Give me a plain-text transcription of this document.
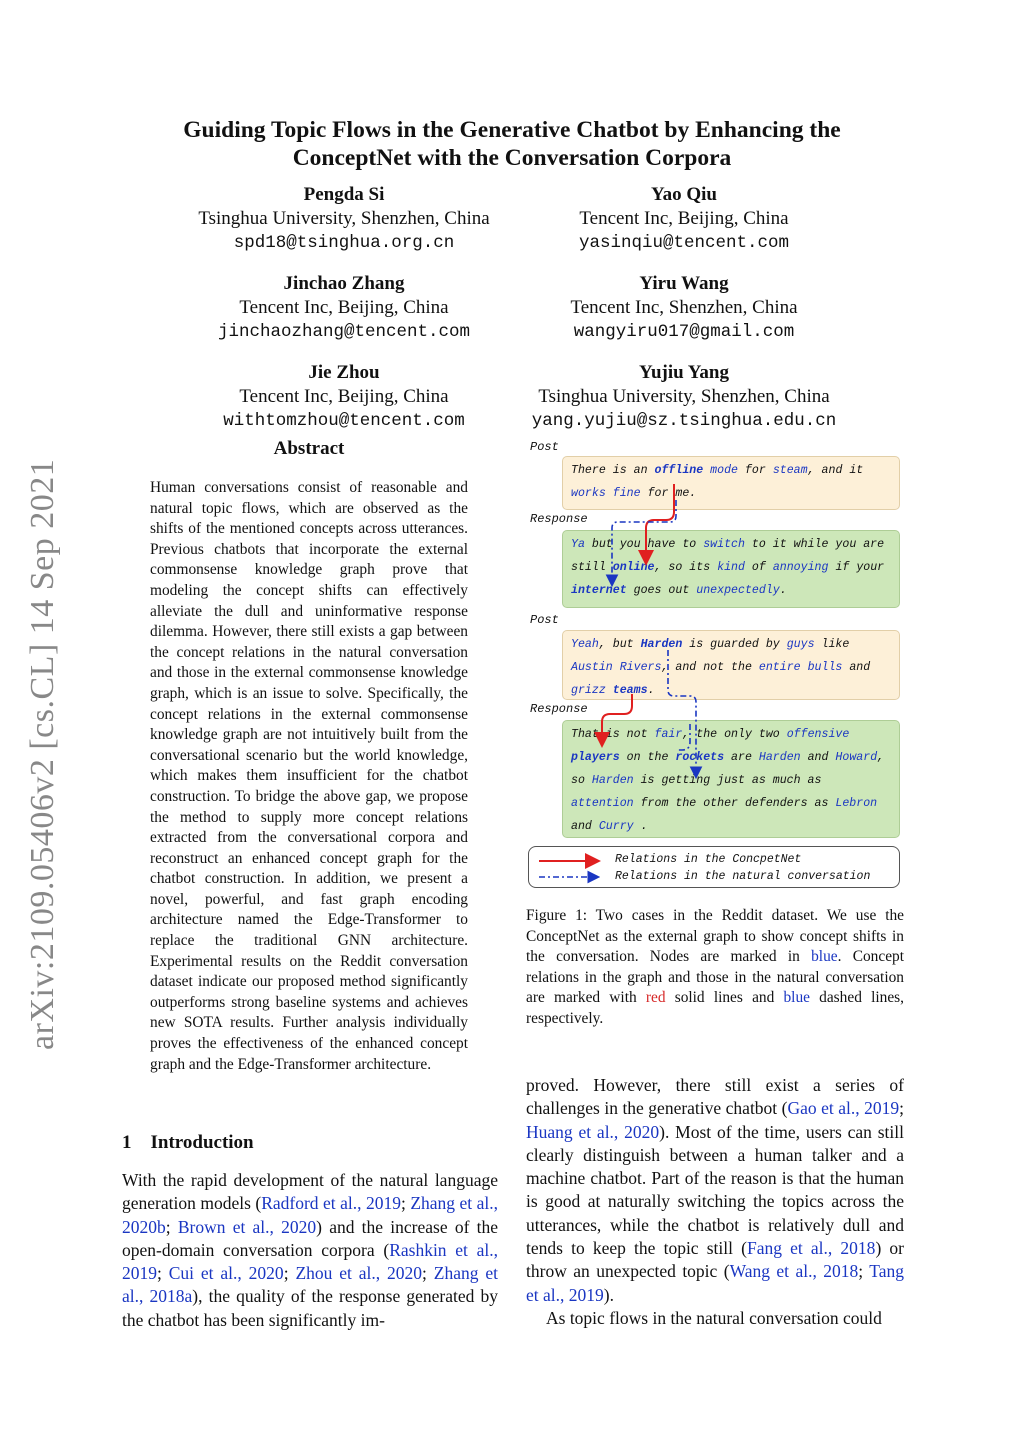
arXiv:2109.05406v2 [cs.CL] 14 Sep 2021
Guiding Topic Flows in the Generative Chatbot by Enhancing the
ConceptNet with the Conversation Corpora
Pengda Si
Tsinghua University, Shenzhen, China
spd18@tsinghua.org.cn
Yao Qiu
Tencent Inc, Beijing, China
yasinqiu@tencent.com
Jinchao Zhang
Tencent Inc, Beijing, China
jinchaozhang@tencent.com
Yiru Wang
Tencent Inc, Shenzhen, China
wangyiru017@gmail.com
Jie Zhou
Tencent Inc, Beijing, China
withtomzhou@tencent.com
Yujiu Yang
Tsinghua University, Shenzhen, China
yang.yujiu@sz.tsinghua.edu.cn
Abstract
Human conversations consist of reasonable and natural topic flows, which are observed as the shifts of the mentioned concepts across utterances. Previous chatbots that incorporate the external commonsense knowledge graph prove that modeling the concept shifts can effectively alleviate the dull and uninformative response dilemma. However, there still exists a gap between the concept relations in the natural conversation and those in the external commonsense knowledge graph, which is an issue to solve. Specifically, the concept relations in the external commonsense knowledge graph are not intuitively built from the conversational scenario but the world knowledge, which makes them insufficient for the chatbot construction. To bridge the above gap, we propose the method to supply more concept relations extracted from the conversational corpora and reconstruct an enhanced concept graph for the chatbot construction. In addition, we present a novel, powerful, and fast graph encoding architecture named the Edge-Transformer to replace the traditional GNN architecture. Experimental results on the Reddit conversation dataset indicate our proposed method significantly outperforms strong baseline systems and achieves new SOTA results. Further analysis individually proves the effectiveness of the enhanced concept graph and the Edge-Transformer architecture.
1 Introduction
With the rapid development of the natural language generation models (Radford et al., 2019; Zhang et al., 2020b; Brown et al., 2020) and the increase of the open-domain conversation corpora (Rashkin et al., 2019; Cui et al., 2020; Zhou et al., 2020; Zhang et al., 2018a), the quality of the response generated by the chatbot has been significantly im-
Post
There is an offline mode for steam, and it
works fine for me.
Response
Ya but you have to switch to it while you are
still online, so its kind of annoying if your
internet goes out unexpectedly.
Post
Yeah, but Harden is guarded by guys like
Austin Rivers, and not the entire bulls and
grizz teams.
Response
That is not fair, the only two offensive
players on the rockets are Harden and Howard,
so Harden is getting just as much as
attention from the other defenders as Lebron
and Curry .
Relations in the ConcpetNet
Relations in the natural conversation
Figure 1: Two cases in the Reddit dataset. We use the ConceptNet as the external graph to show concept shifts in the conversation. Nodes are marked in blue. Concept relations in the graph and those in the natural conversation are marked with red solid lines and blue dashed lines, respectively.
proved. However, there still exist a series of challenges in the generative chatbot (Gao et al., 2019; Huang et al., 2020). Most of the time, users can still clearly distinguish between a human talker and a machine chatbot. Part of the reason is that the human is good at naturally switching the topics across the utterances, while the chatbot is relatively dull and tends to keep the topic still (Fang et al., 2018) or throw an unexpected topic (Wang et al., 2018; Tang et al., 2019).
As topic flows in the natural conversation could
